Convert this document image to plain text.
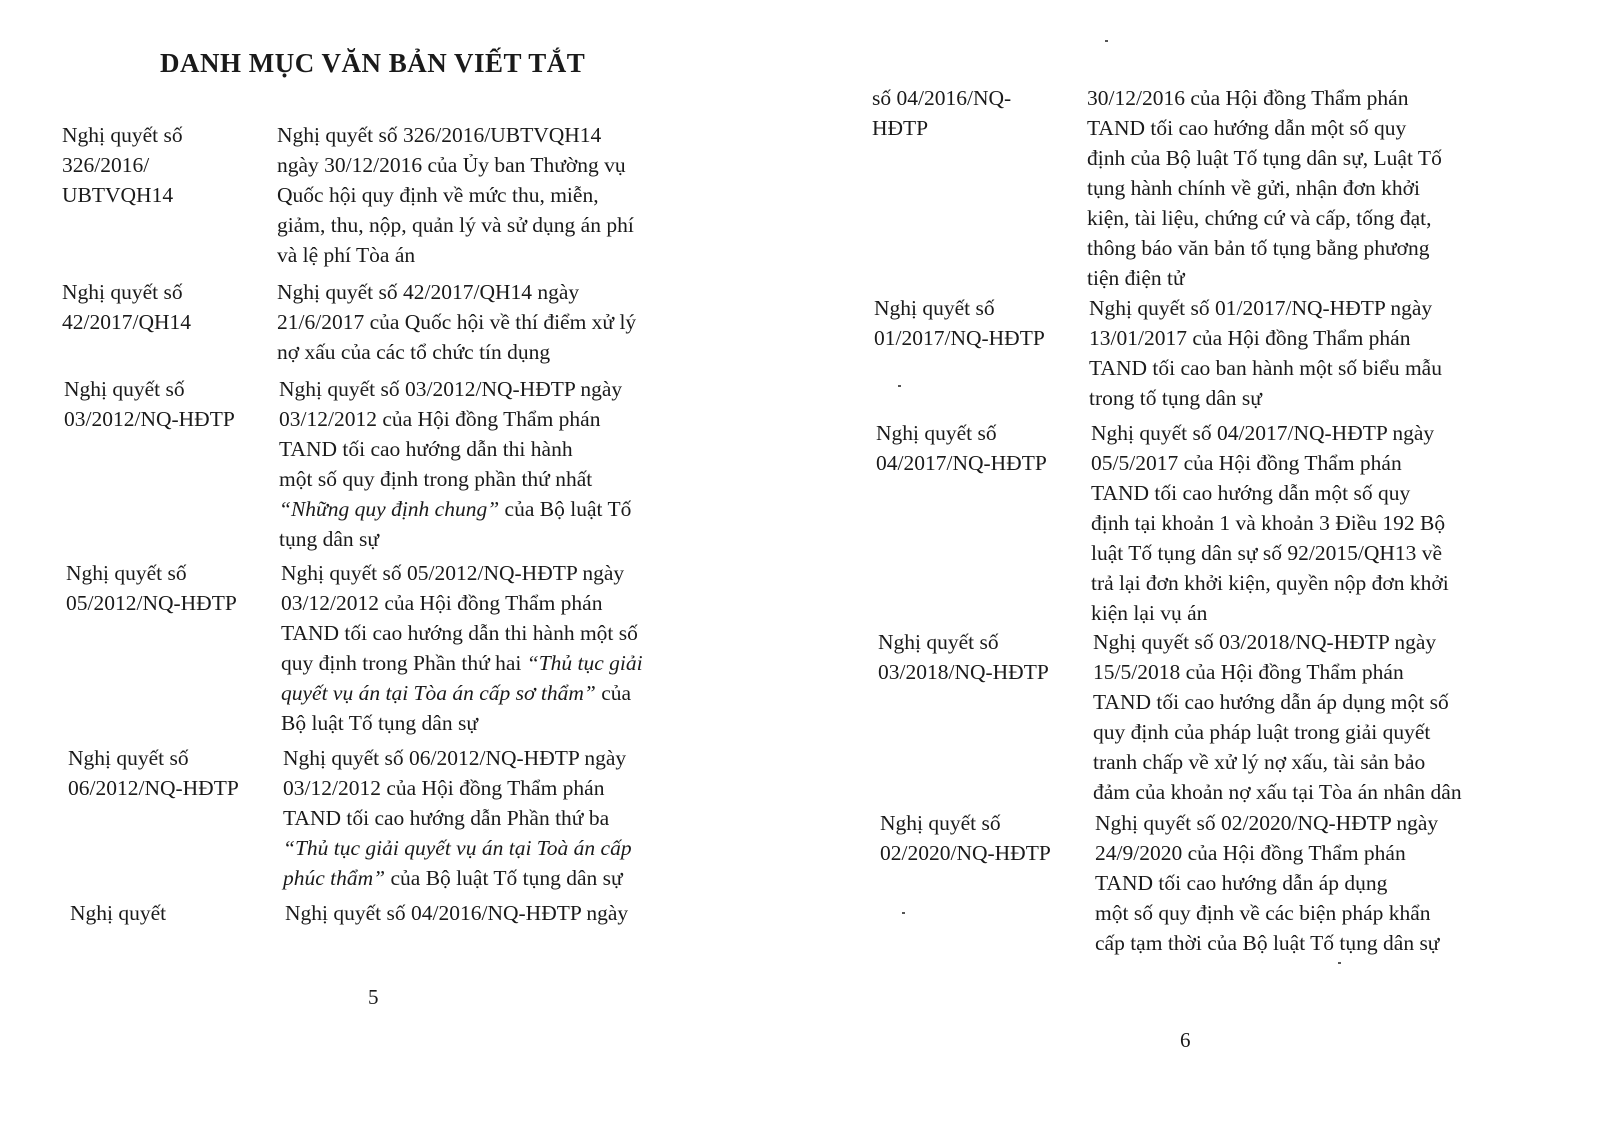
DANH MỤC VĂN BẢN VIẾT TẮT
Nghị quyết số
326/2016/
UBTVQH14
Nghị quyết số 326/2016/UBTVQH14
ngày 30/12/2016 của Ủy ban Thường vụ
Quốc hội quy định về mức thu, miễn,
giảm, thu, nộp, quản lý và sử dụng án phí
và lệ phí Tòa án
Nghị quyết số
42/2017/QH14
Nghị quyết số 42/2017/QH14 ngày
21/6/2017 của Quốc hội về thí điểm xử lý
nợ xấu của các tổ chức tín dụng
Nghị quyết số
03/2012/NQ-HĐTP
Nghị quyết số 03/2012/NQ-HĐTP ngày
03/12/2012 của Hội đồng Thẩm phán
TAND tối cao hướng dẫn thi hành
một số quy định trong phần thứ nhất
“Những quy định chung” của Bộ luật Tố
tụng dân sự
Nghị quyết số
05/2012/NQ-HĐTP
Nghị quyết số 05/2012/NQ-HĐTP ngày
03/12/2012 của Hội đồng Thẩm phán
TAND tối cao hướng dẫn thi hành một số
quy định trong Phần thứ hai “Thủ tục giải
quyết vụ án tại Tòa án cấp sơ thẩm” của
Bộ luật Tố tụng dân sự
Nghị quyết số
06/2012/NQ-HĐTP
Nghị quyết số 06/2012/NQ-HĐTP ngày
03/12/2012 của Hội đồng Thẩm phán
TAND tối cao hướng dẫn Phần thứ ba
“Thủ tục giải quyết vụ án tại Toà án cấp
phúc thẩm” của Bộ luật Tố tụng dân sự
Nghị quyết	Nghị quyết số 04/2016/NQ-HĐTP ngày
5
số 04/2016/NQ-
HĐTP
30/12/2016 của Hội đồng Thẩm phán
TAND tối cao hướng dẫn một số quy
định của Bộ luật Tố tụng dân sự, Luật Tố
tụng hành chính về gửi, nhận đơn khởi
kiện, tài liệu, chứng cứ và cấp, tống đạt,
thông báo văn bản tố tụng bằng phương
tiện điện tử
Nghị quyết số
01/2017/NQ-HĐTP
Nghị quyết số 01/2017/NQ-HĐTP ngày
13/01/2017 của Hội đồng Thẩm phán
TAND tối cao ban hành một số biểu mẫu
trong tố tụng dân sự
Nghị quyết số
04/2017/NQ-HĐTP
Nghị quyết số 04/2017/NQ-HĐTP ngày
05/5/2017 của Hội đồng Thẩm phán
TAND tối cao hướng dẫn một số quy
định tại khoản 1 và khoản 3 Điều 192 Bộ
luật Tố tụng dân sự số 92/2015/QH13 về
trả lại đơn khởi kiện, quyền nộp đơn khởi
kiện lại vụ án
Nghị quyết số
03/2018/NQ-HĐTP
Nghị quyết số 03/2018/NQ-HĐTP ngày
15/5/2018 của Hội đồng Thẩm phán
TAND tối cao hướng dẫn áp dụng một số
quy định của pháp luật trong giải quyết
tranh chấp về xử lý nợ xấu, tài sản bảo
đảm của khoản nợ xấu tại Tòa án nhân dân
Nghị quyết số
02/2020/NQ-HĐTP
Nghị quyết số 02/2020/NQ-HĐTP ngày
24/9/2020 của Hội đồng Thẩm phán
TAND tối cao hướng dẫn áp dụng
một số quy định về các biện pháp khẩn
cấp tạm thời của Bộ luật Tố tụng dân sự
6
